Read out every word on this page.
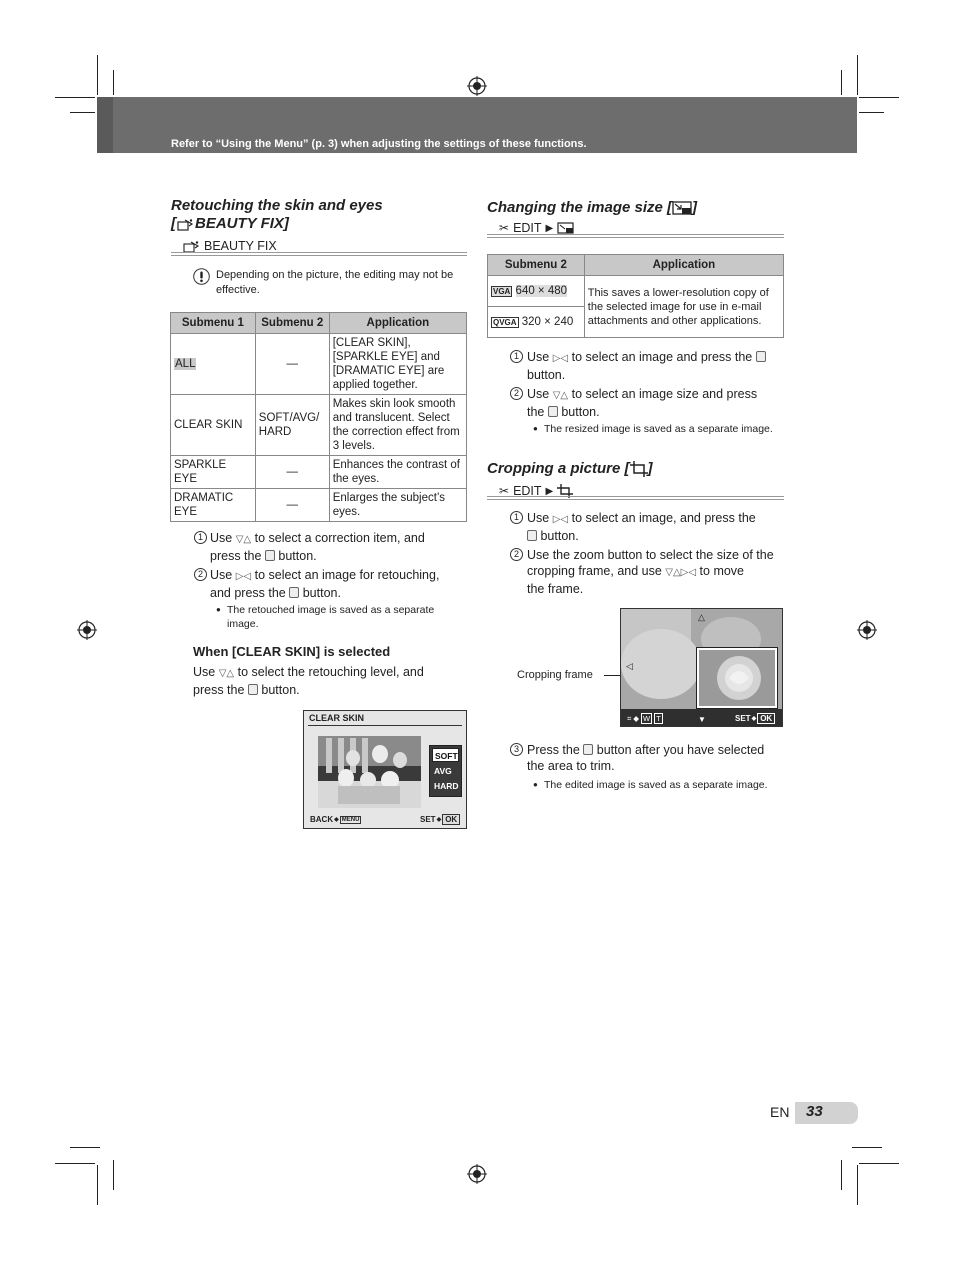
Refer to “Using the Menu” (p. 3) when adjusting the settings of these functions.
Retouching the skin and eyes
[ BEAUTY FIX]
BEAUTY FIX
Depending on the picture, the editing may not be effective.
Submenu 1	Submenu 2	Application
ALL	—	[CLEAR SKIN], [SPARKLE EYE] and [DRAMATIC EYE] are applied together.
CLEAR SKIN	SOFT/AVG/ HARD	Makes skin look smooth and translucent. Select the correction effect from 3 levels.
SPARKLE EYE	—	Enhances the contrast of the eyes.
DRAMATIC EYE	—	Enlarges the subject’s eyes.
1 Use ▽△ to select a correction item, and
press the button.
2 Use ▷◁ to select an image for retouching,
and press the button.
● The retouched image is saved as a separate image.
When [CLEAR SKIN] is selected
Use ▽△ to select the retouching level, and
press the button.
CLEAR SKIN
SOFT
AVG
HARD
BACK ◆ MENU	SET ◆ OK
Changing the image size [ ]
✂ EDIT ▶
Submenu 2	Application
VGA 640 × 480	This saves a lower-resolution copy of the selected image for use in e-mail attachments and other applications.
QVGA 320 × 240	
1 Use ▷◁ to select an image and press the
button.
2 Use ▽△ to select an image size and press
the button.
● The resized image is saved as a separate image.
Cropping a picture [ ]
✂ EDIT ▶
1 Use ▷◁ to select an image, and press the
button.
2 Use the zoom button to select the size of the
cropping frame, and use ▽△▷◁ to move
the frame.
Cropping frame
△
◁
▼
⌗ ◆ W T	SET ◆ OK
3 Press the button after you have selected
the area to trim.
● The edited image is saved as a separate image.
EN 33
